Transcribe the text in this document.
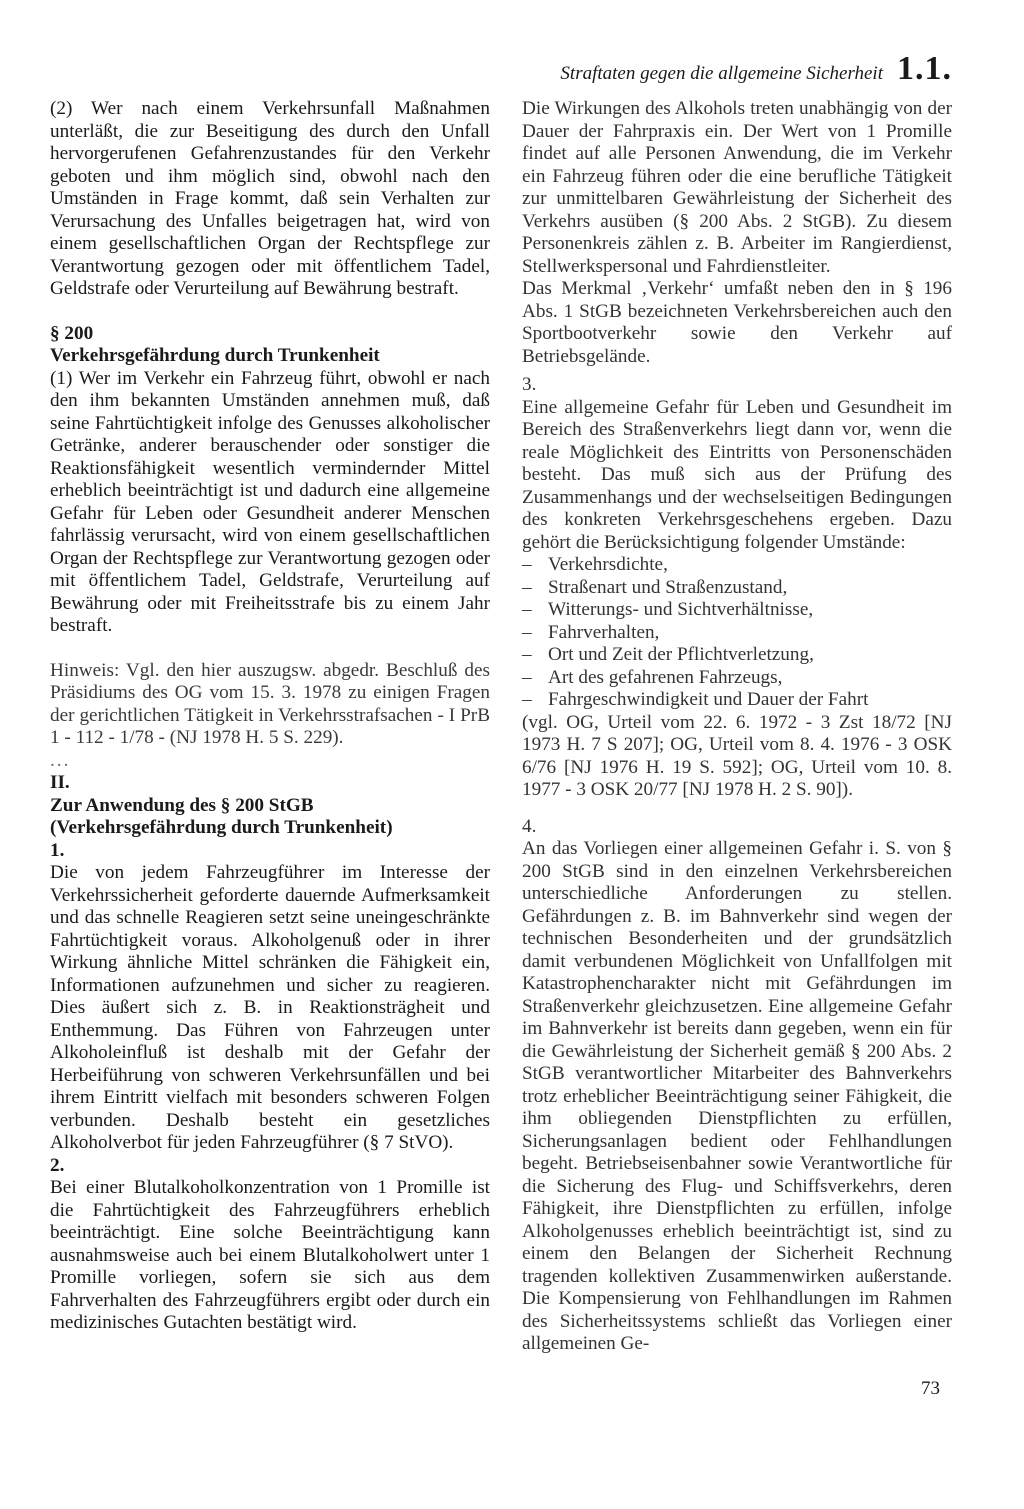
Straftaten gegen die allgemeine Sicherheit 1.1.

(2) Wer nach einem Verkehrsunfall Maßnahmen unterläßt, die zur Beseitigung des durch den Unfall hervorgerufenen Gefahrenzustandes für den Verkehr geboten und ihm möglich sind, obwohl nach den Umständen in Frage kommt, daß sein Verhalten zur Verursachung des Unfalles beigetragen hat, wird von einem gesellschaftlichen Organ der Rechtspflege zur Verantwortung gezogen oder mit öffentlichem Tadel, Geldstrafe oder Verurteilung auf Bewährung bestraft.

§ 200

Verkehrsgefährdung durch Trunkenheit

(1) Wer im Verkehr ein Fahrzeug führt, obwohl er nach den ihm bekannten Umständen annehmen muß, daß seine Fahrtüchtigkeit infolge des Genusses alkoholischer Getränke, anderer berauschender oder sonstiger die Reaktionsfähigkeit wesentlich vermindernder Mittel erheblich beeinträchtigt ist und dadurch eine allgemeine Gefahr für Leben oder Gesundheit anderer Menschen fahrlässig verursacht, wird von einem gesellschaftlichen Organ der Rechtspflege zur Verantwortung gezogen oder mit öffentlichem Tadel, Geldstrafe, Verurteilung auf Bewährung oder mit Freiheitsstrafe bis zu einem Jahr bestraft.

Hinweis: Vgl. den hier auszugsw. abgedr. Beschluß des Präsidiums des OG vom 15. 3. 1978 zu einigen Fragen der gerichtlichen Tätigkeit in Verkehrsstrafsachen - I PrB 1 - 112 - 1/78 - (NJ 1978 H. 5 S. 229).

...

II.

Zur Anwendung des § 200 StGB

(Verkehrsgefährdung durch Trunkenheit)

1.

Die von jedem Fahrzeugführer im Interesse der Verkehrssicherheit geforderte dauernde Aufmerksamkeit und das schnelle Reagieren setzt seine uneingeschränkte Fahrtüchtigkeit voraus. Alkoholgenuß oder in ihrer Wirkung ähnliche Mittel schränken die Fähigkeit ein, Informationen aufzunehmen und sicher zu reagieren. Dies äußert sich z. B. in Reaktionsträgheit und Enthemmung. Das Führen von Fahrzeugen unter Alkoholeinfluß ist deshalb mit der Gefahr der Herbeiführung von schweren Verkehrsunfällen und bei ihrem Eintritt vielfach mit besonders schweren Folgen verbunden. Deshalb besteht ein gesetzliches Alkoholverbot für jeden Fahrzeugführer (§ 7 StVO).

2.

Bei einer Blutalkoholkonzentration von 1 Promille ist die Fahrtüchtigkeit des Fahrzeugführers erheblich beeinträchtigt. Eine solche Beeinträchtigung kann ausnahmsweise auch bei einem Blutalkoholwert unter 1 Promille vorliegen, sofern sie sich aus dem Fahrverhalten des Fahrzeugführers ergibt oder durch ein medizinisches Gutachten bestätigt wird.

Die Wirkungen des Alkohols treten unabhängig von der Dauer der Fahrpraxis ein. Der Wert von 1 Promille findet auf alle Personen Anwendung, die im Verkehr ein Fahrzeug führen oder die eine berufliche Tätigkeit zur unmittelbaren Gewährleistung der Sicherheit des Verkehrs ausüben (§ 200 Abs. 2 StGB). Zu diesem Personenkreis zählen z. B. Arbeiter im Rangierdienst, Stellwerkspersonal und Fahrdienstleiter.

Das Merkmal ‚Verkehr‘ umfaßt neben den in § 196 Abs. 1 StGB bezeichneten Verkehrsbereichen auch den Sportbootverkehr sowie den Verkehr auf Betriebsgelände.

3.

Eine allgemeine Gefahr für Leben und Gesundheit im Bereich des Straßenverkehrs liegt dann vor, wenn die reale Möglichkeit des Eintritts von Personenschäden besteht. Das muß sich aus der Prüfung des Zusammenhangs und der wechselseitigen Bedingungen des konkreten Verkehrsgeschehens ergeben. Dazu gehört die Berücksichtigung folgender Umstände:

– Verkehrsdichte,
– Straßenart und Straßenzustand,
– Witterungs- und Sichtverhältnisse,
– Fahrverhalten,
– Ort und Zeit der Pflichtverletzung,
– Art des gefahrenen Fahrzeugs,
– Fahrgeschwindigkeit und Dauer der Fahrt

(vgl. OG, Urteil vom 22. 6. 1972 - 3 Zst 18/72 [NJ 1973 H. 7 S 207]; OG, Urteil vom 8. 4. 1976 - 3 OSK 6/76 [NJ 1976 H. 19 S. 592]; OG, Urteil vom 10. 8. 1977 - 3 OSK 20/77 [NJ 1978 H. 2 S. 90]).

4.

An das Vorliegen einer allgemeinen Gefahr i. S. von § 200 StGB sind in den einzelnen Verkehrsbereichen unterschiedliche Anforderungen zu stellen. Gefährdungen z. B. im Bahnverkehr sind wegen der technischen Besonderheiten und der grundsätzlich damit verbundenen Möglichkeit von Unfallfolgen mit Katastrophencharakter nicht mit Gefährdungen im Straßenverkehr gleichzusetzen. Eine allgemeine Gefahr im Bahnverkehr ist bereits dann gegeben, wenn ein für die Gewährleistung der Sicherheit gemäß § 200 Abs. 2 StGB verantwortlicher Mitarbeiter des Bahnverkehrs trotz erheblicher Beeinträchtigung seiner Fähigkeit, die ihm obliegenden Dienstpflichten zu erfüllen, Sicherungsanlagen bedient oder Fehlhandlungen begeht. Betriebseisenbahner sowie Verantwortliche für die Sicherung des Flug- und Schiffsverkehrs, deren Fähigkeit, ihre Dienstpflichten zu erfüllen, infolge Alkoholgenusses erheblich beeinträchtigt ist, sind zu einem den Belangen der Sicherheit Rechnung tragenden kollektiven Zusammenwirken außerstande. Die Kompensierung von Fehlhandlungen im Rahmen des Sicherheitssystems schließt das Vorliegen einer allgemeinen Ge-

73
